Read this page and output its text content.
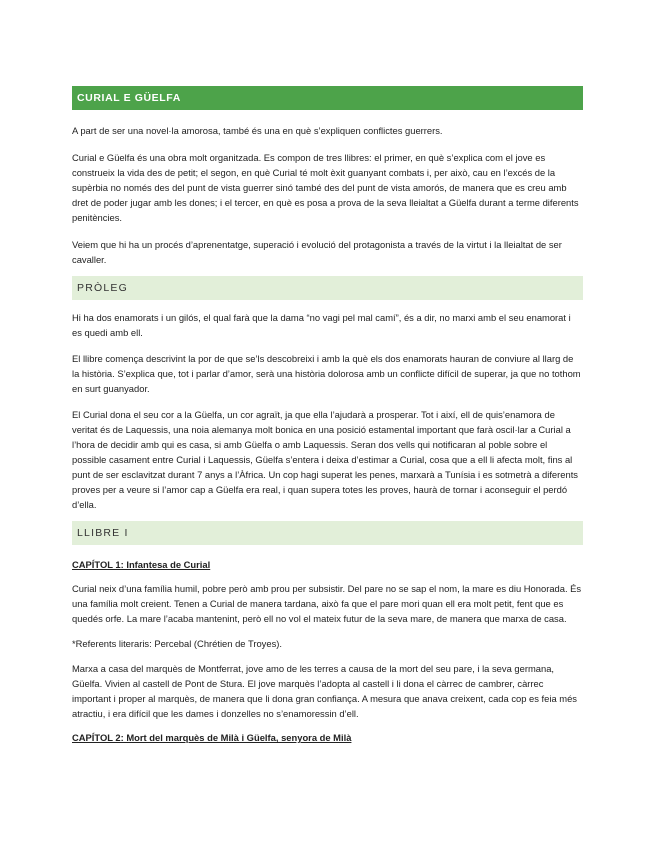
CURIAL E GÜELFA

A part de ser una novel·la amorosa, també és una en què s’expliquen conflictes guerrers.

Curial e Güelfa és una obra molt organitzada. Es compon de tres llibres: el primer, en què s’explica com el jove es construeix la vida des de petit; el segon, en què Curial té molt èxit guanyant combats i, per això, cau en l’excés de la supèrbia no només des del punt de vista guerrer sinó també des del punt de vista amorós, de manera que es creu amb dret de poder jugar amb les dones; i el tercer, en què es posa a prova de la seva lleialtat a Güelfa durant a terme diferents penitències.

Veiem que hi ha un procés d’aprenentatge, superació i evolució del protagonista a través de la virtut i la lleialtat de ser cavaller.

PRÒLEG

Hi ha dos enamorats i un gilós, el qual farà que la dama “no vagi pel mal camí”, és a dir, no marxi amb el seu enamorat i es quedi amb ell.

El llibre comença descrivint la por de que se’ls descobreixi i amb la què els dos enamorats hauran de conviure al llarg de la història. S’explica que, tot i parlar d’amor, serà una història dolorosa amb un conflicte difícil de superar, ja que no tothom en surt guanyador.

El Curial dona el seu cor a la Güelfa, un cor agraït, ja que ella l’ajudarà a prosperar. Tot i així, ell de quis’enamora de veritat és de Laquessis, una noia alemanya molt bonica en una posició estamental important que farà oscil·lar a Curial a l’hora de decidir amb qui es casa, si amb Güelfa o amb Laquessis. Seran dos vells qui notificaran al poble sobre el possible casament entre Curial i Laquessis, Güelfa s’entera i deixa d’estimar a Curial, cosa que a ell li afecta molt, fins al punt de ser esclavitzat durant 7 anys a l’Àfrica. Un cop hagi superat les penes, marxarà a Tunísia i es sotmetrà a diferents proves per a veure si l’amor cap a Güelfa era real, i quan supera totes les proves, haurà de tornar i aconseguir el perdó d’ella.

LLIBRE I
CAPÍTOL 1: Infantesa de Curial

Curial neix d’una família humil, pobre però amb prou per subsistir. Del pare no se sap el nom, la mare es diu Honorada. És una família molt creient. Tenen a Curial de manera tardana, això fa que el pare mori quan ell era molt petit, fent que es quedés orfe. La mare l’acaba mantenint, però ell no vol el mateix futur de la seva mare, de manera que marxa de casa.

*Referents literaris: Percebal (Chrétien de Troyes).

Marxa a casa del marquès de Montferrat, jove amo de les terres a causa de la mort del seu pare, i la seva germana, Güelfa. Vivien al castell de Pont de Stura. El jove marquès l’adopta al castell i li dona el càrrec de cambrer, càrrec important i proper al marquès, de manera que li dona gran confiança. A mesura que anava creixent, cada cop es feia més atractiu, i era difícil que les dames i donzelles no s’enamoressin d’ell.

CAPÍTOL 2: Mort del marquès de Milà i Güelfa, senyora de Milà
